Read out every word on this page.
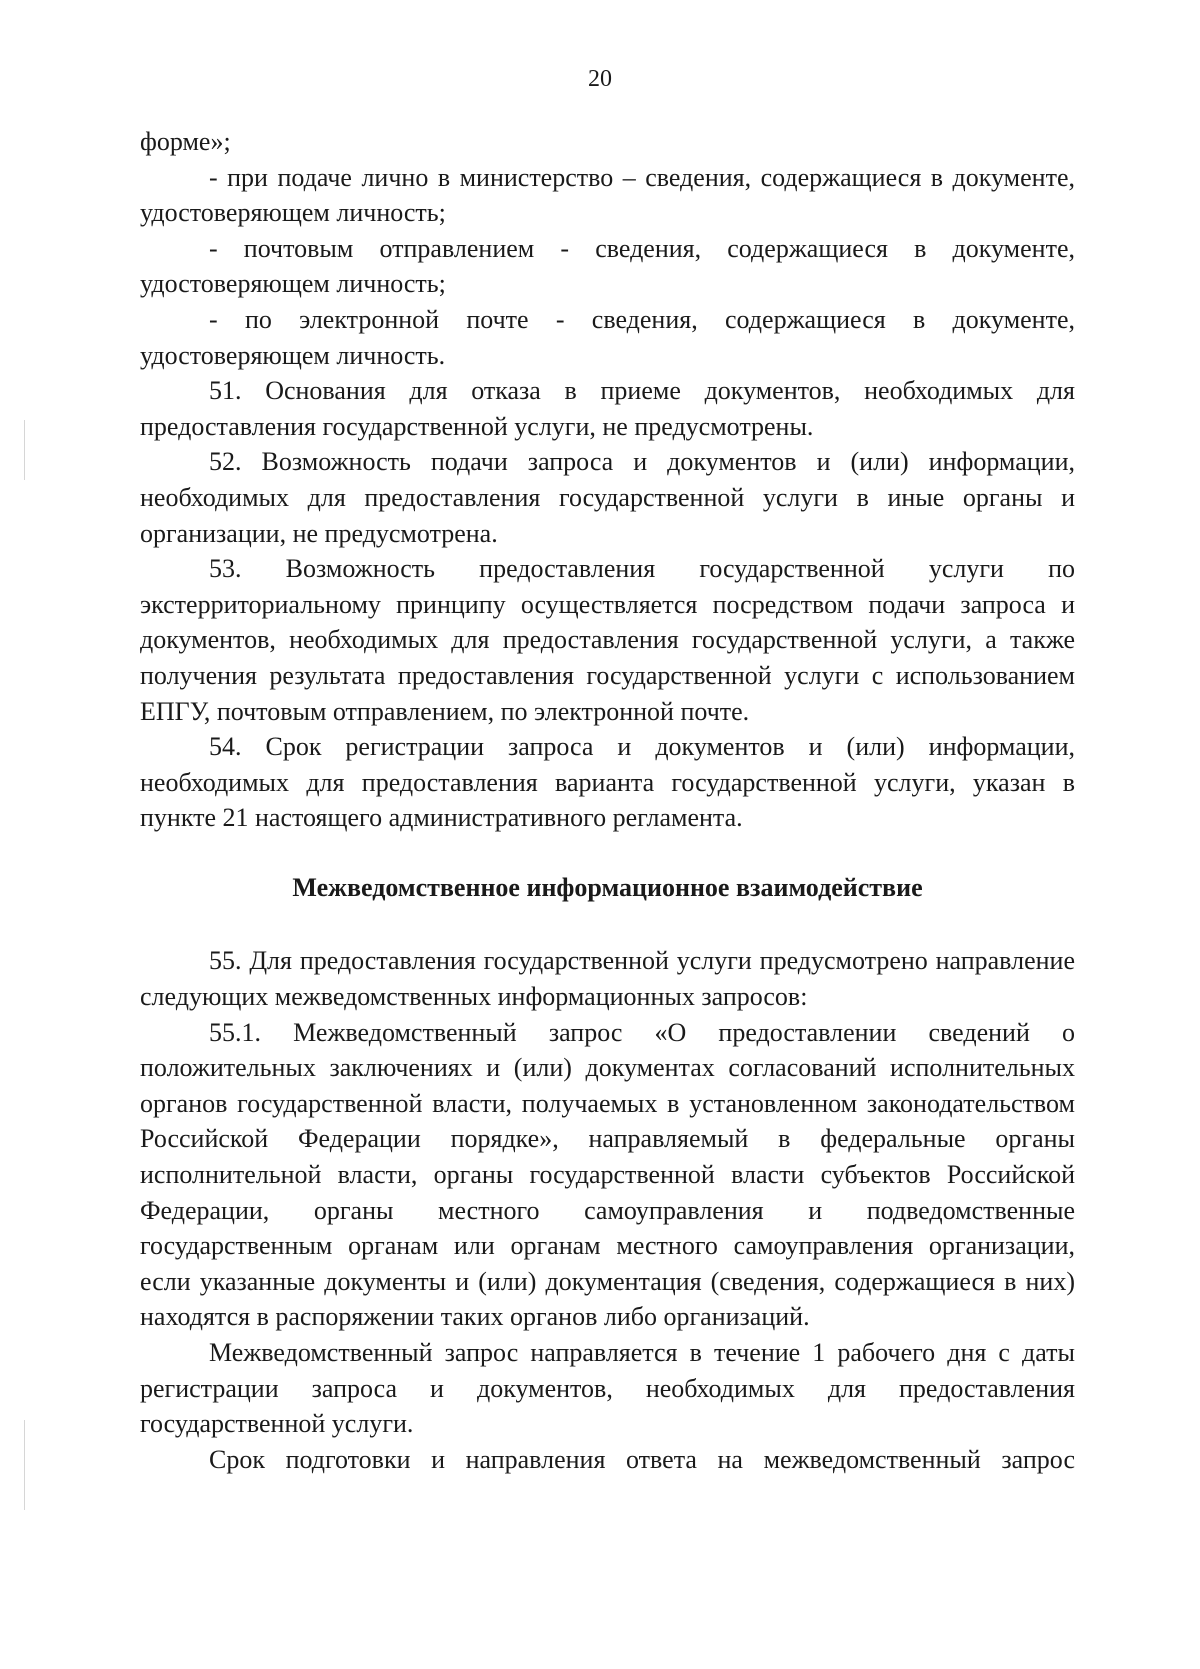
20

форме»;

- при подаче лично в министерство – сведения, содержащиеся в документе, удостоверяющем личность;

- почтовым отправлением - сведения, содержащиеся в документе, удостоверяющем личность;

- по электронной почте - сведения, содержащиеся в документе, удостоверяющем личность.

51. Основания для отказа в приеме документов, необходимых для предоставления государственной услуги, не предусмотрены.

52. Возможность подачи запроса и документов и (или) информации, необходимых для предоставления государственной услуги в иные органы и организации, не предусмотрена.

53. Возможность предоставления государственной услуги по экстерриториальному принципу осуществляется посредством подачи запроса и документов, необходимых для предоставления государственной услуги, а также получения результата предоставления государственной услуги с использованием ЕПГУ, почтовым отправлением, по электронной почте.

54. Срок регистрации запроса и документов и (или) информации, необходимых для предоставления варианта государственной услуги, указан в пункте 21 настоящего административного регламента.

Межведомственное информационное взаимодействие

55. Для предоставления государственной услуги предусмотрено направление следующих межведомственных информационных запросов:

55.1. Межведомственный запрос «О предоставлении сведений о положительных заключениях и (или) документах согласований исполнительных органов государственной власти, получаемых в установленном законодательством Российской Федерации порядке», направляемый в федеральные органы исполнительной власти, органы государственной власти субъектов Российской Федерации, органы местного самоуправления и подведомственные государственным органам или органам местного самоуправления организации, если указанные документы и (или) документация (сведения, содержащиеся в них) находятся в распоряжении таких органов либо организаций.

Межведомственный запрос направляется в течение 1 рабочего дня с даты регистрации запроса и документов, необходимых для предоставления государственной услуги.

Срок подготовки и направления ответа на межведомственный запрос
